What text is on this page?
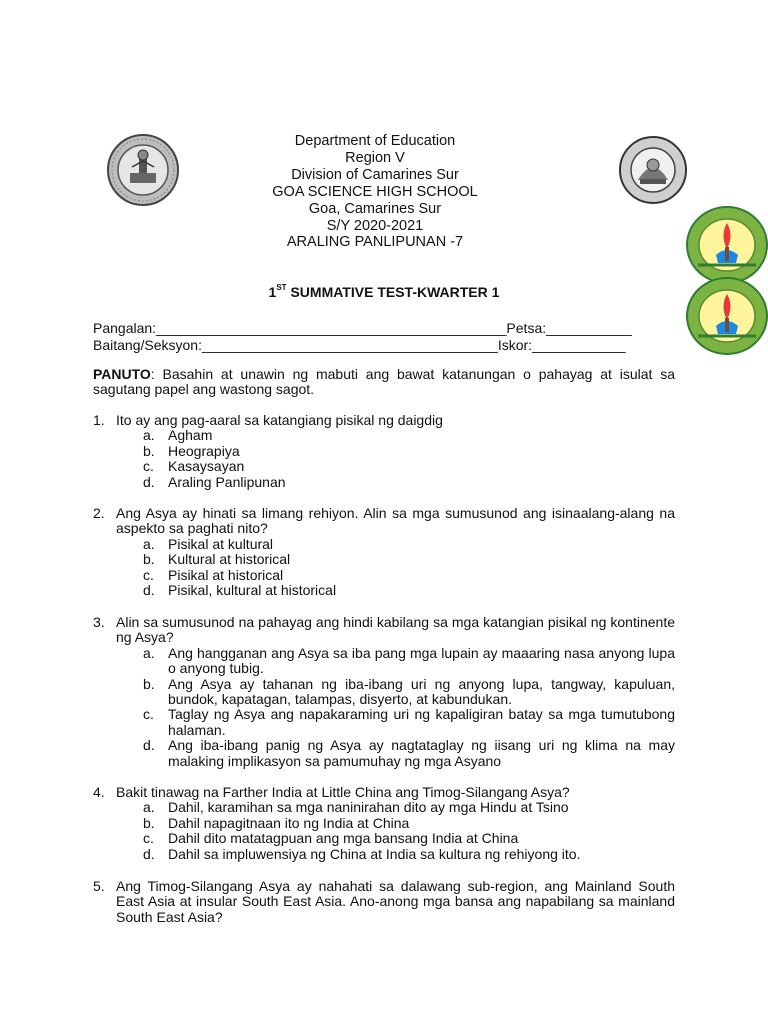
Department of Education
Region V
Division of Camarines Sur
GOA SCIENCE HIGH SCHOOL
Goa, Camarines Sur
S/Y 2020-2021
ARALING PANLIPUNAN -7
1ST SUMMATIVE TEST-KWARTER 1
Pangalan:_____________________________________________Petsa:___________
Baitang/Seksyon:______________________________________Iskor:____________
PANUTO: Basahin at unawin ng mabuti ang bawat katanungan o pahayag at isulat sa sagutang papel ang wastong sagot.
1. Ito ay ang pag-aaral sa katangiang pisikal ng daigdig
a. Agham
b. Heograpiya
c.	Kasaysayan
d. Araling Panlipunan
2. Ang Asya ay hinati sa limang rehiyon. Alin sa mga sumusunod ang isinaalang-alang na aspekto sa paghati nito?
a. Pisikal at kultural
b. Kultural at historical
c.	Pisikal at historical
d. Pisikal, kultural at historical
3. Alin sa sumusunod na pahayag ang hindi kabilang sa mga katangian pisikal ng kontinente ng Asya?
a. Ang hangganan ang Asya sa iba pang mga lupain ay maaaring nasa anyong lupa o anyong tubig.
b. Ang Asya ay tahanan ng iba-ibang uri ng anyong lupa, tangway, kapuluan, bundok, kapatagan, talampas, disyerto, at kabundukan.
c.	Taglay ng Asya ang napakaraming uri ng kapaligiran batay sa mga tumutubong halaman.
d. Ang iba-ibang panig ng Asya ay nagtataglay ng iisang uri ng klima na may malaking implikasyon sa pamumuhay ng mga Asyano
4. Bakit tinawag na Farther India at Little China ang Timog-Silangang Asya?
a. Dahil, karamihan sa mga naninirahan dito ay mga Hindu at Tsino
b. Dahil napagitnaan ito ng India at China
c.	Dahil dito matatagpuan ang mga bansang India at China
d. Dahil sa impluwensiya ng China at India sa kultura ng rehiyong ito.
5. Ang Timog-Silangang Asya ay nahahati sa dalawang sub-region, ang Mainland South East Asia at insular South East Asia. Ano-anong mga bansa ang napabilang sa mainland South East Asia?
